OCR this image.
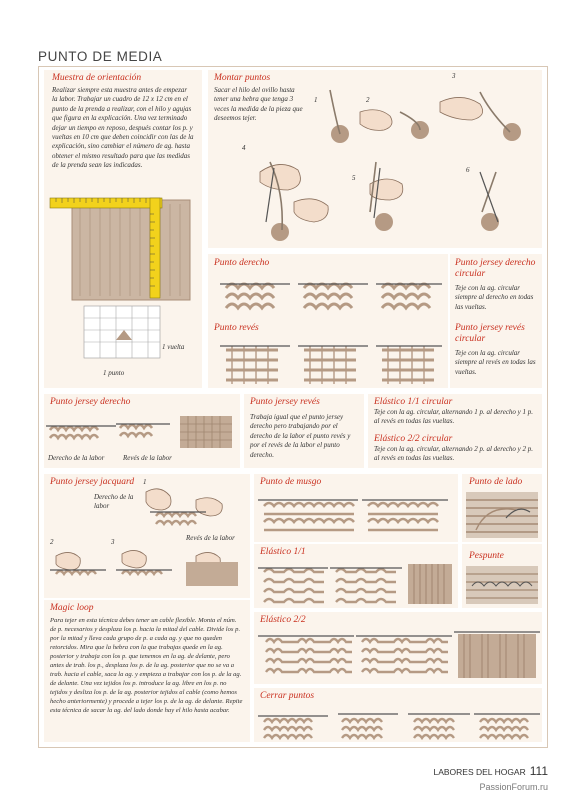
PUNTO DE MEDIA
Muestra de orientación
Realizar siempre esta muestra antes de empezar la labor. Trabajar un cuadro de 12 x 12 cm en el punto de la prenda a realizar, con el hilo y agujas que figura en la explicación. Una vez terminado dejar un tiempo en reposo, después contar los p. y vueltas en 10 cm que deben coincidir con las de la explicación, sino cambiar el número de ag. hasta obtener el mismo resultado para que las medidas de la prenda sean las indicadas.
1 vuelta
1 punto
Montar puntos
Sacar el hilo del ovillo hasta tener una hebra que tenga 3 veces la medida de la pieza que deseemos tejer.
1	2
3
4
5
6
Punto derecho
Punto revés
Punto jersey derecho circular
Teje con la ag. circular siempre al derecho en todas las vueltas.
Punto jersey revés circular
Teje con la ag. circular siempre al revés en todas las vueltas.
Punto jersey derecho
Derecho de la labor	Revés de la labor
Punto jersey revés
Trabaja igual que el punto jersey derecho pero trabajando por el derecho de la labor el punto revés y por el revés de la labor el punto derecho.
Elástico 1/1 circular
Teje con la ag. circular, alternando 1 p. al derecho y 1 p. al revés en todas las vueltas.
Elástico 2/2 circular
Teje con la ag. circular, alternando 2 p. al derecho y 2 p. al revés en todas las vueltas.
Punto jersey jacquard
Derecho de la labor
1
2	3	Revés de la labor
Magic loop
Para tejer en esta técnica debes tener un cable flexible. Monta el núm. de p. necesarios y desplaza los p. hacia la mitad del cable. Divide los p. por la mitad y lleva cada grupo de p. a cada ag. y que no queden retorcidos. Mira que la hebra con la que trabajas quede en la ag. posterior y trabaja con los p. que tenemos en la ag. de delante, pero antes de trab. los p., desplaza los p. de la ag. posterior que no se va a trab. hacia el cable, saca la ag. y empieza a trabajar con los p. de la ag. de delante. Una vez tejidos los p. introduce la ag. libre en los p. no tejidos y desliza los p. de la ag. posterior tejidos al cable (como hemos hecho anteriormente) y procede a tejer los p. de la ag. de delante. Repite esta técnica de sacar la ag. del lado donde hay el hilo hasta acabar.
Punto de musgo	Punto de lado
Elástico 1/1	Pespunte
Elástico 2/2
Cerrar puntos
LABORES DEL HOGAR 111
PassionForum.ru
